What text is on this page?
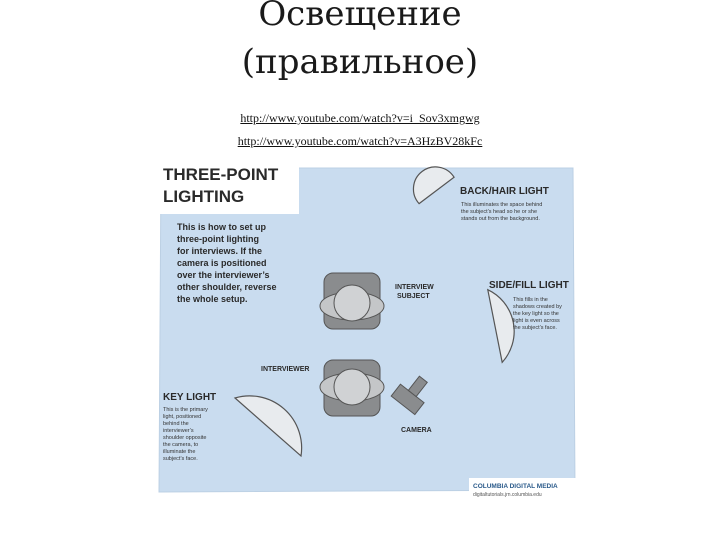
Освещение
(правильное)
http://www.youtube.com/watch?v=i_Sov3xmgwg
http://www.youtube.com/watch?v=A3HzBV28kFc
THREE-POINT
LIGHTING
This is how to set up
three-point lighting
for interviews. If the
camera is positioned
over the interviewer’s
other shoulder, reverse
the whole setup.
BACK/HAIR LIGHT
This illuminates the space behind
the subject’s head so he or she
stands out from the background.
INTERVIEW
SUBJECT
SIDE/FILL LIGHT
This fills in the
shadows created by
the key light so the
light is even across
the subject’s face.
INTERVIEWER
CAMERA
KEY LIGHT
This is the primary
light, positioned
behind the
interviewer’s
shoulder opposite
the camera, to
illuminate the
subject’s face.
COLUMBIA DIGITAL MEDIA
digitaltutorials.jrn.columbia.edu
